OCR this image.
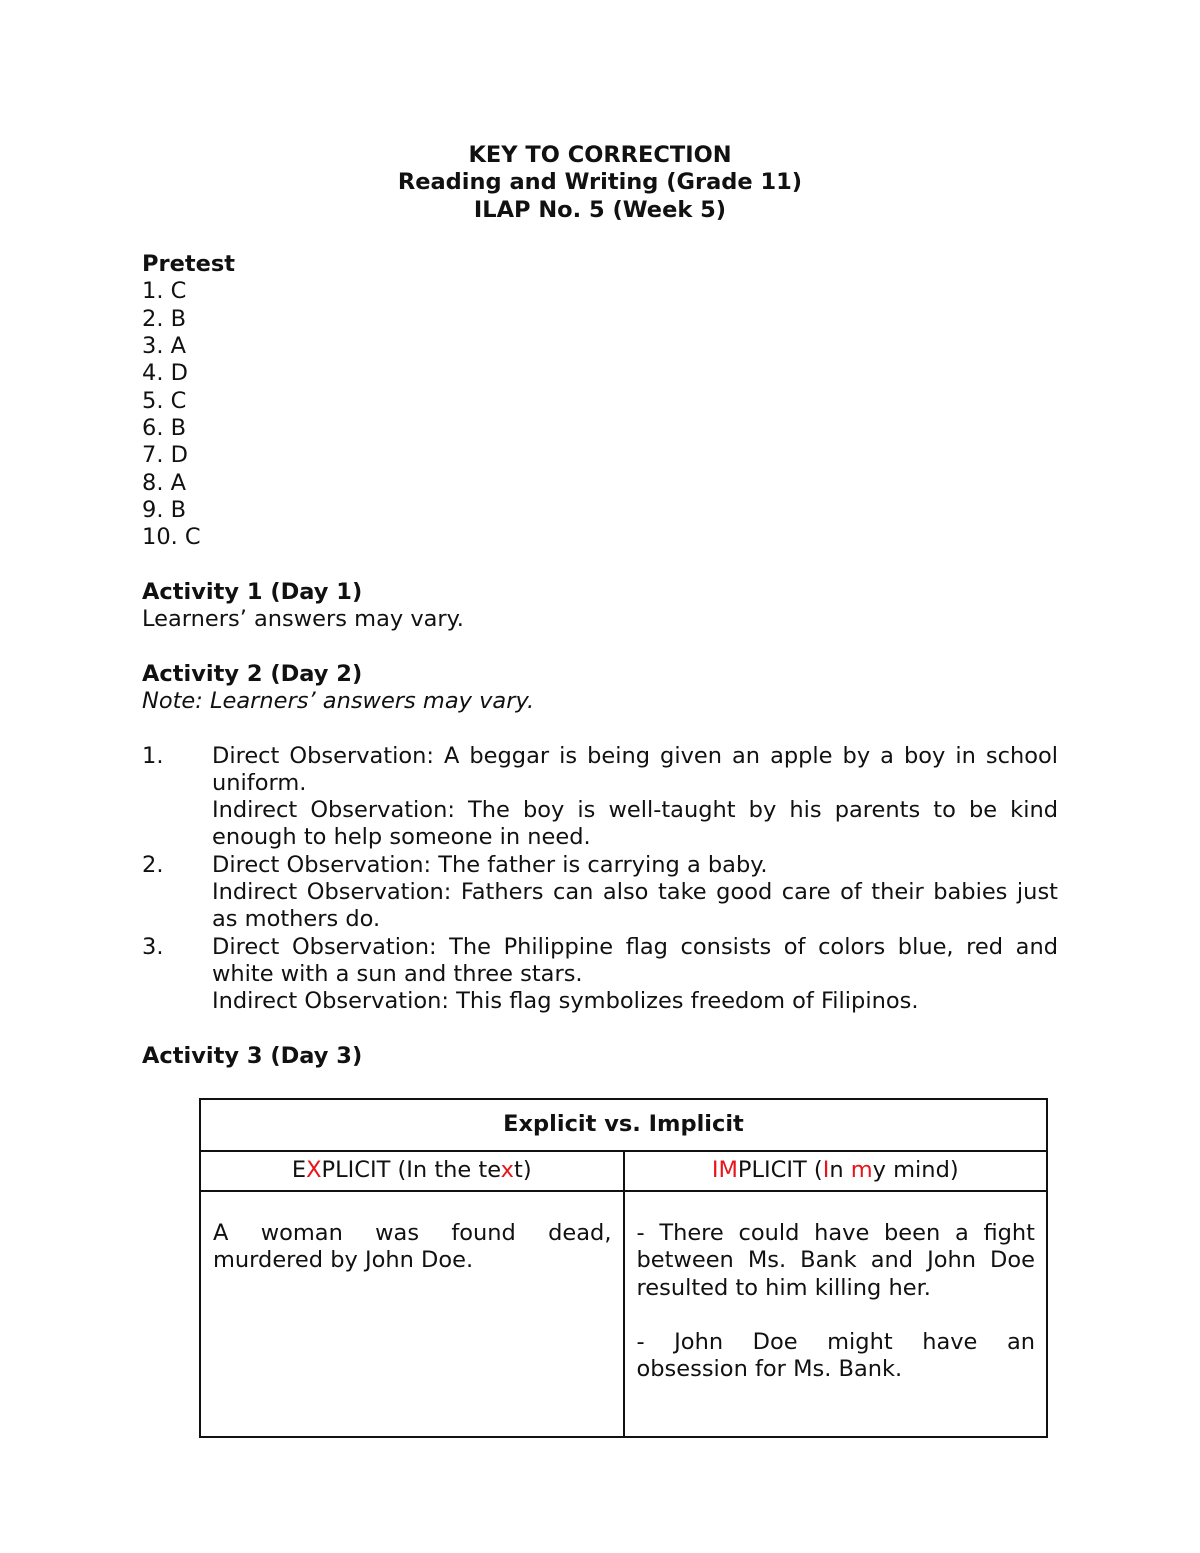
KEY TO CORRECTION
Reading and Writing (Grade 11)
ILAP No. 5 (Week 5)
Pretest
1. C
2. B
3. A
4. D
5. C
6. B
7. D
8. A
9. B
10. C
Activity 1 (Day 1)
Learners’ answers may vary.
Activity 2 (Day 2)
Note: Learners’ answers may vary.
1. Direct Observation: A beggar is being given an apple by a boy in school uniform.

Indirect Observation: The boy is well-taught by his parents to be kind enough to help someone in need.

2. Direct Observation: The father is carrying a baby.

Indirect Observation: Fathers can also take good care of their babies just as mothers do.

3. Direct Observation: The Philippine flag consists of colors blue, red and white with a sun and three stars.

Indirect Observation: This flag symbolizes freedom of Filipinos.

Activity 3 (Day 3)
Explicit vs. Implicit	
EXPLICIT (In the text)	IMPLICIT (In my mind)

A woman was found dead, murdered by John Doe.	- There could have been a fight between Ms. Bank and John Doe resulted to him killing her.

- John Doe might have an obsession for Ms. Bank.
